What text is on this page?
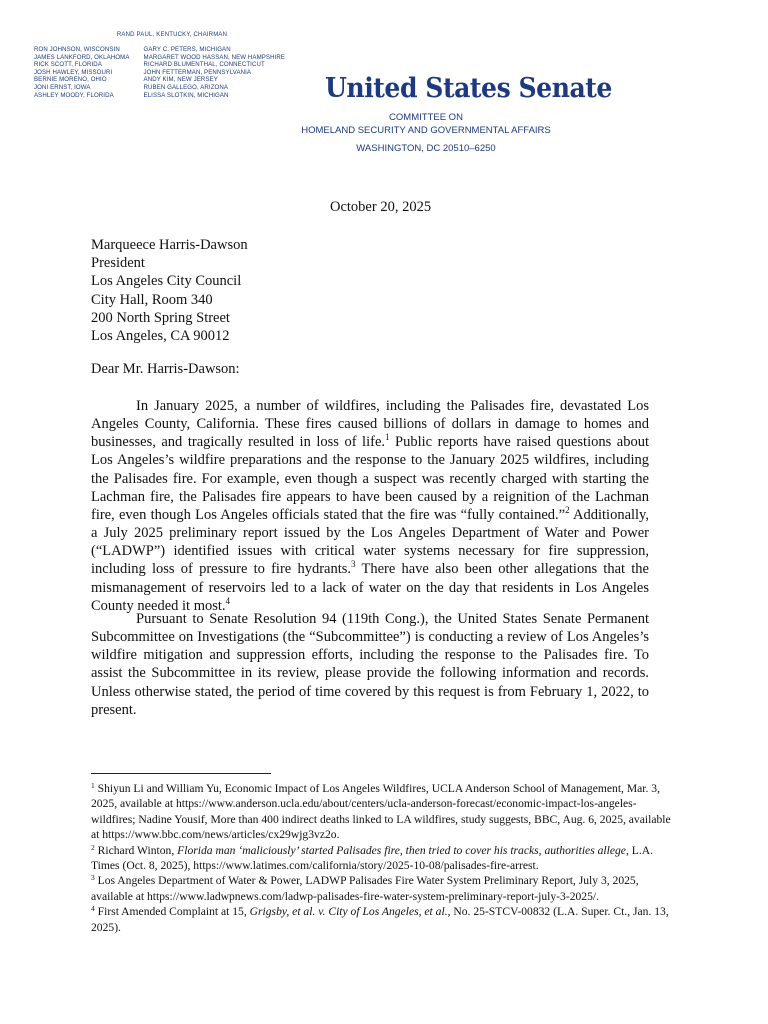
RAND PAUL, KENTUCKY, CHAIRMAN
RON JOHNSON, WISCONSIN
JAMES LANKFORD, OKLAHOMA
RICK SCOTT, FLORIDA
JOSH HAWLEY, MISSOURI
BERNIE MORENO, OHIO
JONI ERNST, IOWA
ASHLEY MOODY, FLORIDA
GARY C. PETERS, MICHIGAN
MARGARET WOOD HASSAN, NEW HAMPSHIRE
RICHARD BLUMENTHAL, CONNECTICUT
JOHN FETTERMAN, PENNSYLVANIA
ANDY KIM, NEW JERSEY
RUBEN GALLEGO, ARIZONA
ELISSA SLOTKIN, MICHIGAN	United States Senate
COMMITTEE ON
HOMELAND SECURITY AND GOVERNMENTAL AFFAIRS
WASHINGTON, DC 20510–6250
October 20, 2025
Marqueece Harris-Dawson
President
Los Angeles City Council
City Hall, Room 340
200 North Spring Street
Los Angeles, CA 90012
Dear Mr. Harris-Dawson:
In January 2025, a number of wildfires, including the Palisades fire, devastated Los Angeles County, California. These fires caused billions of dollars in damage to homes and businesses, and tragically resulted in loss of life.$^1$ Public reports have raised questions about Los Angeles’s wildfire preparations and the response to the January 2025 wildfires, including the Palisades fire. For example, even though a suspect was recently charged with starting the Lachman fire, the Palisades fire appears to have been caused by a reignition of the Lachman fire, even though Los Angeles officials stated that the fire was “fully contained.”$^2$ Additionally, a July 2025 preliminary report issued by the Los Angeles Department of Water and Power (“LADWP”) identified issues with critical water systems necessary for fire suppression, including loss of pressure to fire hydrants.$^3$ There have also been other allegations that the mismanagement of reservoirs led to a lack of water on the day that residents in Los Angeles County needed it most.$^4$
Pursuant to Senate Resolution 94 (119th Cong.), the United States Senate Permanent Subcommittee on Investigations (the “Subcommittee”) is conducting a review of Los Angeles’s wildfire mitigation and suppression efforts, including the response to the Palisades fire. To assist the Subcommittee in its review, please provide the following information and records. Unless otherwise stated, the period of time covered by this request is from February 1, 2022, to present.
$^1$ Shiyun Li and William Yu, Economic Impact of Los Angeles Wildfires, UCLA Anderson School of Management, Mar. 3, 2025, available at https://www.anderson.ucla.edu/about/centers/ucla-anderson-forecast/economic-impact-los-angeles-wildfires; Nadine Yousif, More than 400 indirect deaths linked to LA wildfires, study suggests, BBC, Aug. 6, 2025, available at https://www.bbc.com/news/articles/cx29wjg3vz2o.
$^2$ Richard Winton, Florida man ‘maliciously’ started Palisades fire, then tried to cover his tracks, authorities allege, L.A. Times (Oct. 8, 2025), https://www.latimes.com/california/story/2025-10-08/palisades-fire-arrest.
$^3$ Los Angeles Department of Water & Power, LADWP Palisades Fire Water System Preliminary Report, July 3, 2025, available at https://www.ladwpnews.com/ladwp-palisades-fire-water-system-preliminary-report-july-3-2025/.
$^4$ First Amended Complaint at 15, Grigsby, et al. v. City of Los Angeles, et al., No. 25-STCV-00832 (L.A. Super. Ct., Jan. 13, 2025).
